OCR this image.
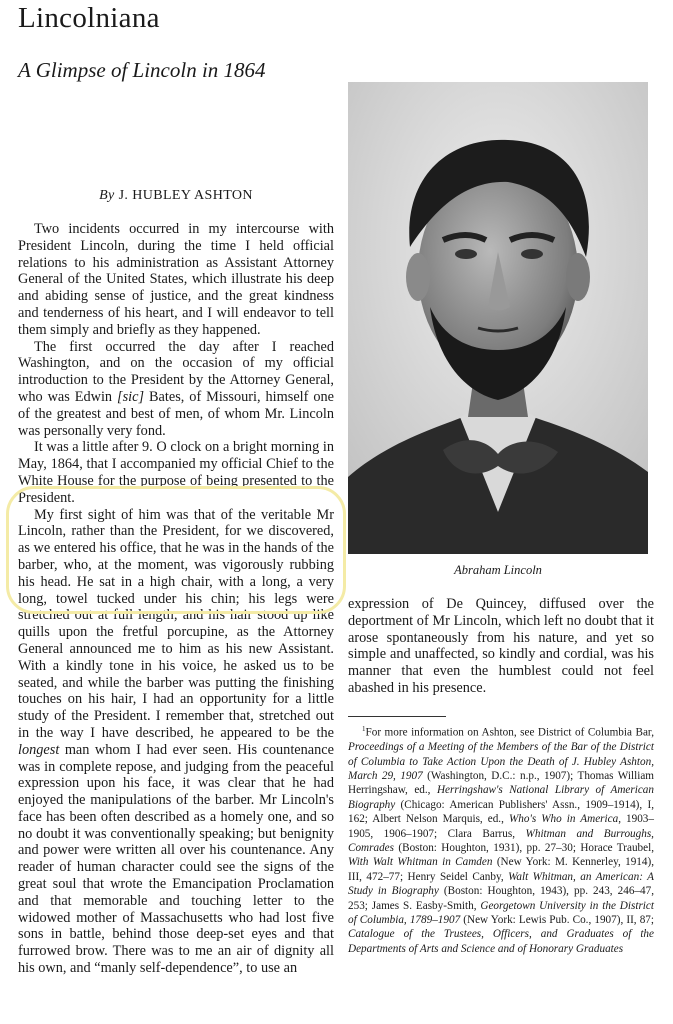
Lincolniana
A Glimpse of Lincoln in 1864
By J. HUBLEY ASHTON

Two incidents occurred in my intercourse with President Lincoln, during the time I held official relations to his administration as Assistant Attorney General of the United States, which illustrate his deep and abiding sense of justice, and the great kindness and tenderness of his heart, and I will endeavor to tell them simply and briefly as they happened.

The first occurred the day after I reached Washington, and on the occasion of my official introduction to the President by the Attorney General, who was Edwin [sic] Bates, of Missouri, himself one of the greatest and best of men, of whom Mr. Lincoln was personally very fond.

It was a little after 9. O clock on a bright morning in May, 1864, that I accompanied my official Chief to the White House for the purpose of being presented to the President.

My first sight of him was that of the veritable Mr Lincoln, rather than the President, for we discovered, as we entered his office, that he was in the hands of the barber, who, at the moment, was vigorously rubbing his head. He sat in a high chair, with a long, a very long, towel tucked under his chin; his legs were stretched out at full length; and his hair stood up like quills upon the fretful porcupine, as the Attorney General announced me to him as his new Assistant. With a kindly tone in his voice, he asked us to be seated, and while the barber was putting the finishing touches on his hair, I had an opportunity for a little study of the President. I remember that, stretched out in the way I have described, he appeared to be the longest man whom I had ever seen. His countenance was in complete repose, and judging from the peaceful expression upon his face, it was clear that he had enjoyed the manipulations of the barber. Mr Lincoln's face has been often described as a homely one, and so no doubt it was conventionally speaking; but benignity and power were written all over his countenance. Any reader of human character could see the signs of the great soul that wrote the Emancipation Proclamation and that memorable and touching letter to the widowed mother of Massachusetts who had lost five sons in battle, behind those deep-set eyes and that furrowed brow. There was to me an air of dignity all his own, and “manly self-dependence”, to use an

Abraham Lincoln

expression of De Quincey, diffused over the deportment of Mr Lincoln, which left no doubt that it arose spontaneously from his nature, and yet so simple and unaffected, so kindly and cordial, was his manner that even the humblest could not feel abashed in his presence.

$^1$For more information on Ashton, see District of Columbia Bar, Proceedings of a Meeting of the Members of the Bar of the District of Columbia to Take Action Upon the Death of J. Hubley Ashton, March 29, 1907 (Washington, D.C.: n.p., 1907); Thomas William Herringshaw, ed., Herringshaw's National Library of American Biography (Chicago: American Publishers' Assn., 1909–1914), I, 162; Albert Nelson Marquis, ed., Who's Who in America, 1903–1905, 1906–1907; Clara Barrus, Whitman and Burroughs, Comrades (Boston: Houghton, 1931), pp. 27–30; Horace Traubel, With Walt Whitman in Camden (New York: M. Kennerley, 1914), III, 472–77; Henry Seidel Canby, Walt Whitman, an American: A Study in Biography (Boston: Houghton, 1943), pp. 243, 246–47, 253; James S. Easby-Smith, Georgetown University in the District of Columbia, 1789–1907 (New York: Lewis Pub. Co., 1907), II, 87; Catalogue of the Trustees, Officers, and Graduates of the Departments of Arts and Science and of Honorary Graduates
